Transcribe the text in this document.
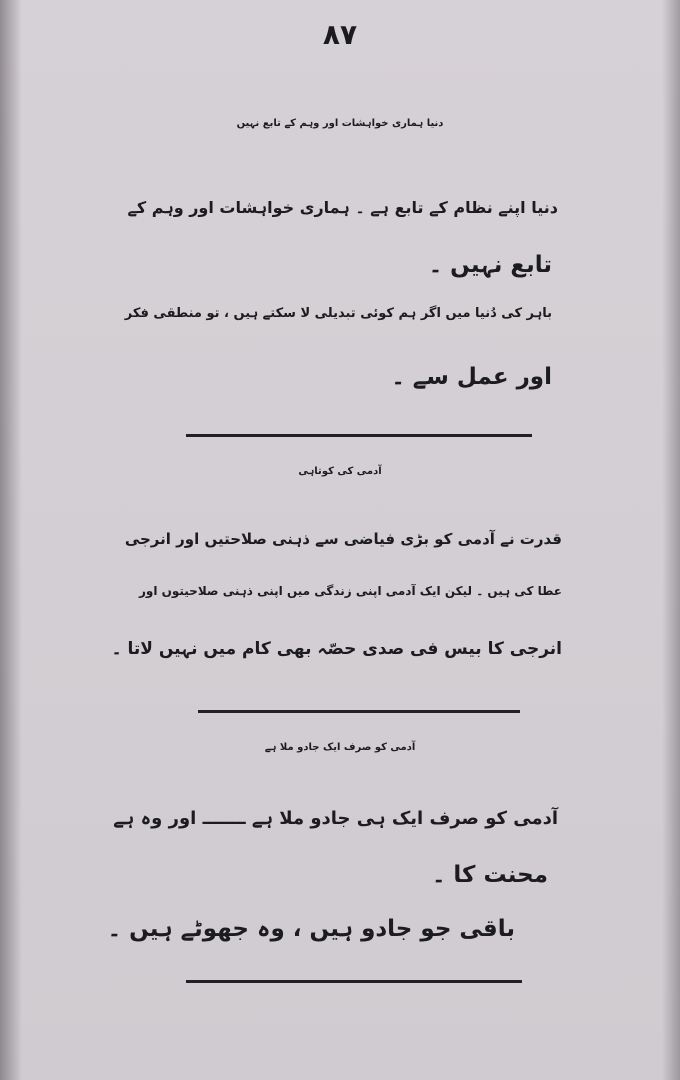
۸۷
دنیا ہماری خواہشات اور وہم کے تابع نہیں
دنیا اپنے نظام کے تابع ہے ۔ ہماری خواہشات اور وہم کے
تابع نہیں ۔
باہر کی دُنیا میں اگر ہم کوئی تبدیلی لا سکتے ہیں ، تو منطقی فکر
اور عمل سے ۔
آدمی کی کوتاہی
قدرت نے آدمی کو بڑی فیاضی سے ذہنی صلاحتیں اور انرجی
عطا کی ہیں ۔ لیکن ایک آدمی اپنی زندگی میں اپنی ذہنی صلاحیتوں اور
انرجی کا بیس فی صدی حصّہ بھی کام میں نہیں لاتا ۔
آدمی کو صرف ایک جادو ملا ہے
آدمی کو صرف ایک ہی جادو ملا ہے ـــــــ اور وہ ہے
محنت کا ۔
باقی جو جادو ہیں ، وہ جھوٹے ہیں ۔
